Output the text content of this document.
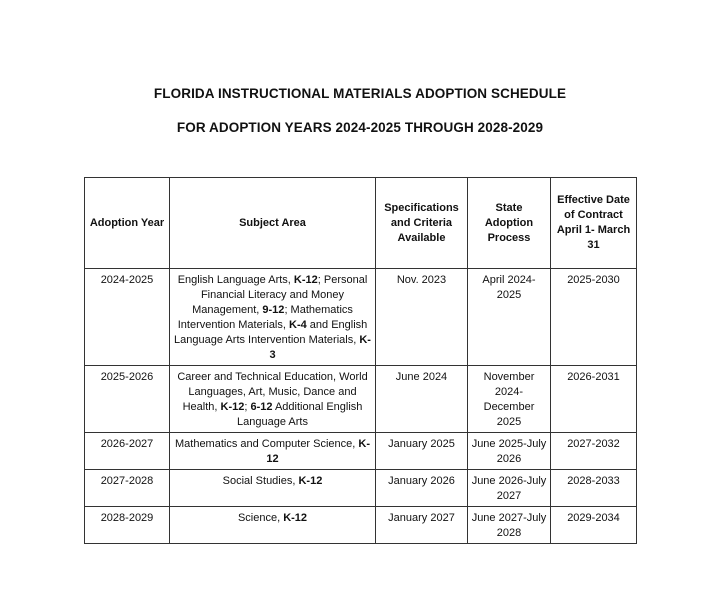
FLORIDA INSTRUCTIONAL MATERIALS ADOPTION SCHEDULE
FOR ADOPTION YEARS 2024-2025 THROUGH 2028-2029
Adoption Year	Subject Area	Specifications and Criteria Available	State Adoption Process	Effective Date of Contract April 1- March 31
2024-2025	English Language Arts, K-12; Personal Financial Literacy and Money Management, 9-12; Mathematics Intervention Materials, K-4 and English Language Arts Intervention Materials, K-3	Nov. 2023	April 2024-2025	2025-2030
2025-2026	Career and Technical Education, World Languages, Art, Music, Dance and Health, K-12; 6-12 Additional English Language Arts	June 2024	November 2024-December 2025	2026-2031
2026-2027	Mathematics and Computer Science, K-12	January 2025	June 2025-July 2026	2027-2032
2027-2028	Social Studies, K-12	January 2026	June 2026-July 2027	2028-2033
2028-2029	Science, K-12	January 2027	June 2027-July 2028	2029-2034
